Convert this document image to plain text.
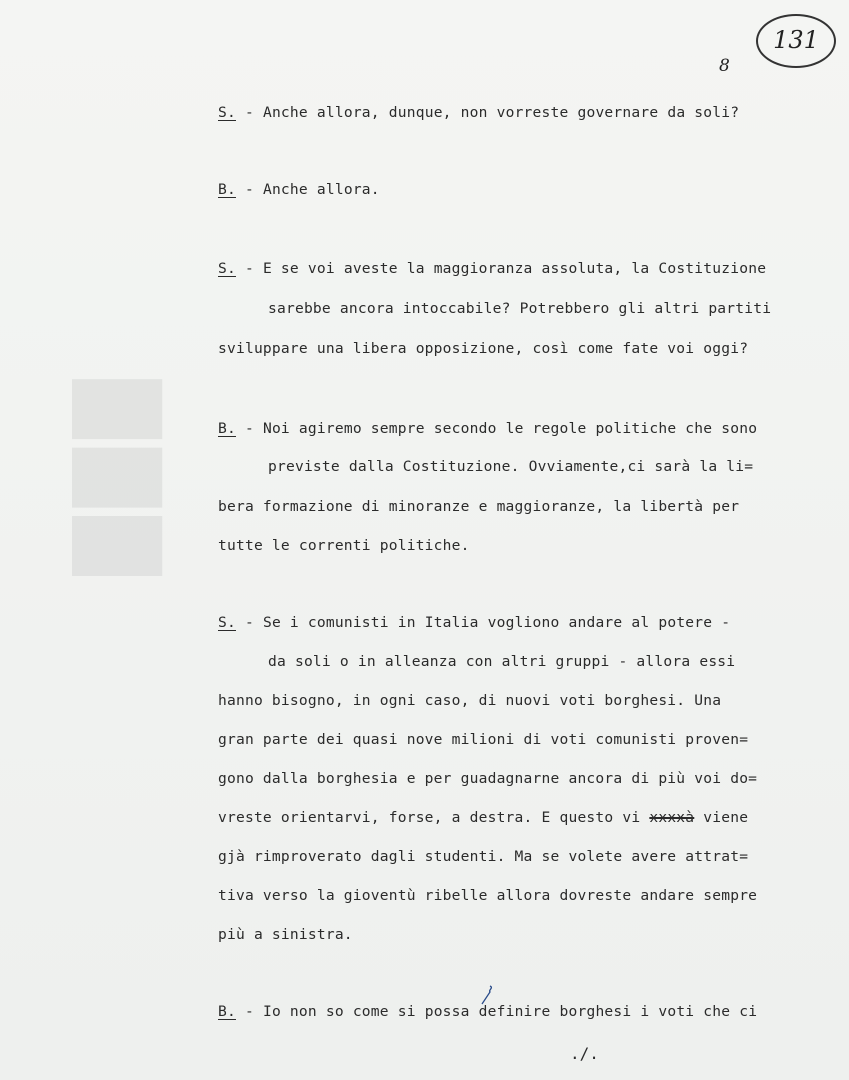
███
131
8
S. - Anche allora, dunque, non vorreste governare da soli?
B. - Anche allora.
S. - E se voi aveste la maggioranza assoluta, la Costituzione
sarebbe ancora intoccabile? Potrebbero gli altri partiti
sviluppare una libera opposizione, così come fate voi oggi?
B. - Noi agiremo sempre secondo le regole politiche che sono
previste dalla Costituzione. Ovviamente,ci sarà la li=
bera formazione di minoranze e maggioranze, la libertà per
tutte le correnti politiche.
S. - Se i comunisti in Italia vogliono andare al potere -
da soli o in alleanza con altri gruppi - allora essi
hanno bisogno, in ogni caso, di nuovi voti borghesi. Una
gran parte dei quasi nove milioni di voti comunisti proven=
gono dalla borghesia e per guadagnarne ancora di più voi do=
vreste orientarvi, forse, a destra. E questo vi xxxxà viene
gjà rimproverato dagli studenti. Ma se volete avere attrat=
tiva verso la gioventù ribelle allora dovreste andare sempre
più a sinistra.
B. - Io non so come si possa definire borghesi i voti che ci
./.
